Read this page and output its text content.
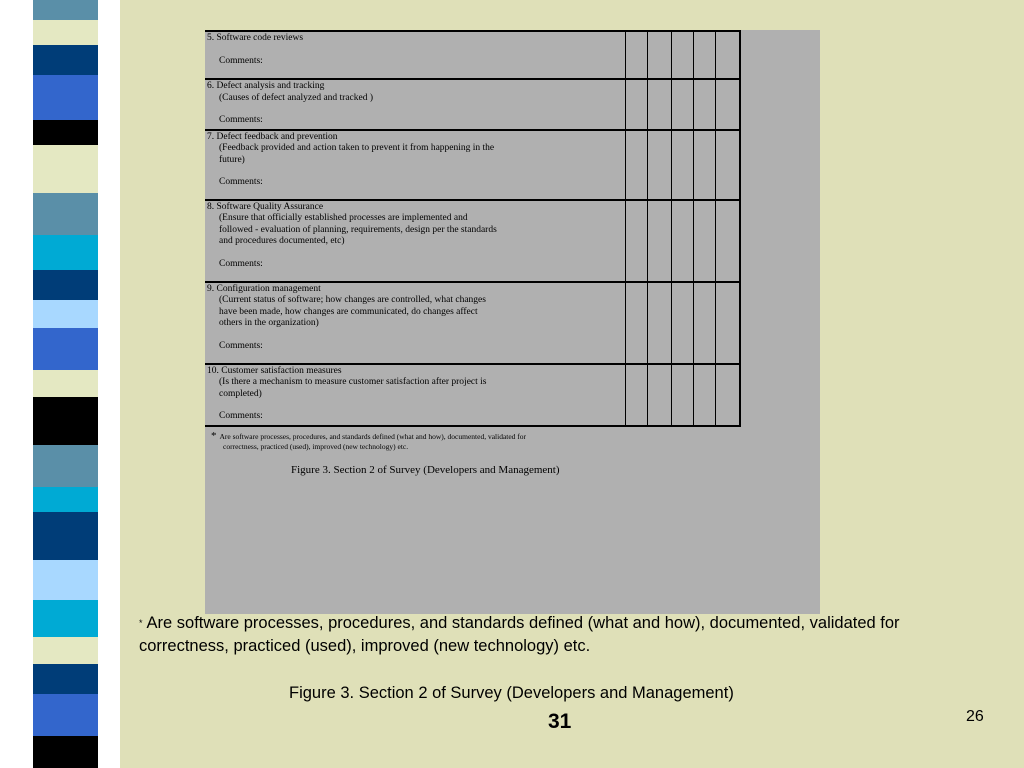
5. Software code reviews
Comments:					

6. Defect analysis and tracking
(Causes of defect analyzed and tracked )
Comments:					

7. Defect feedback and prevention
(Feedback provided and action taken to prevent it from happening in the
future)
Comments:					

8. Software Quality Assurance
(Ensure that officially established processes are implemented and
followed - evaluation of planning, requirements, design per the standards
and procedures documented, etc)
Comments:					

9. Configuration management
(Current status of software; how changes are controlled, what changes
have been made, how changes are communicated, do changes affect
others in the organization)
Comments:					

10. Customer satisfaction measures
(Is there a mechanism to measure customer satisfaction after project is
completed)
Comments:					

* Are software processes, procedures, and standards defined (what and how), documented, validated for
correctness, practiced (used), improved (new technology) etc.
Figure 3. Section 2 of Survey (Developers and Management)
* Are software processes, procedures, and standards defined (what and how), documented, validated for correctness, practiced (used), improved (new technology) etc.
Figure 3. Section 2 of Survey (Developers and Management)
31	26
